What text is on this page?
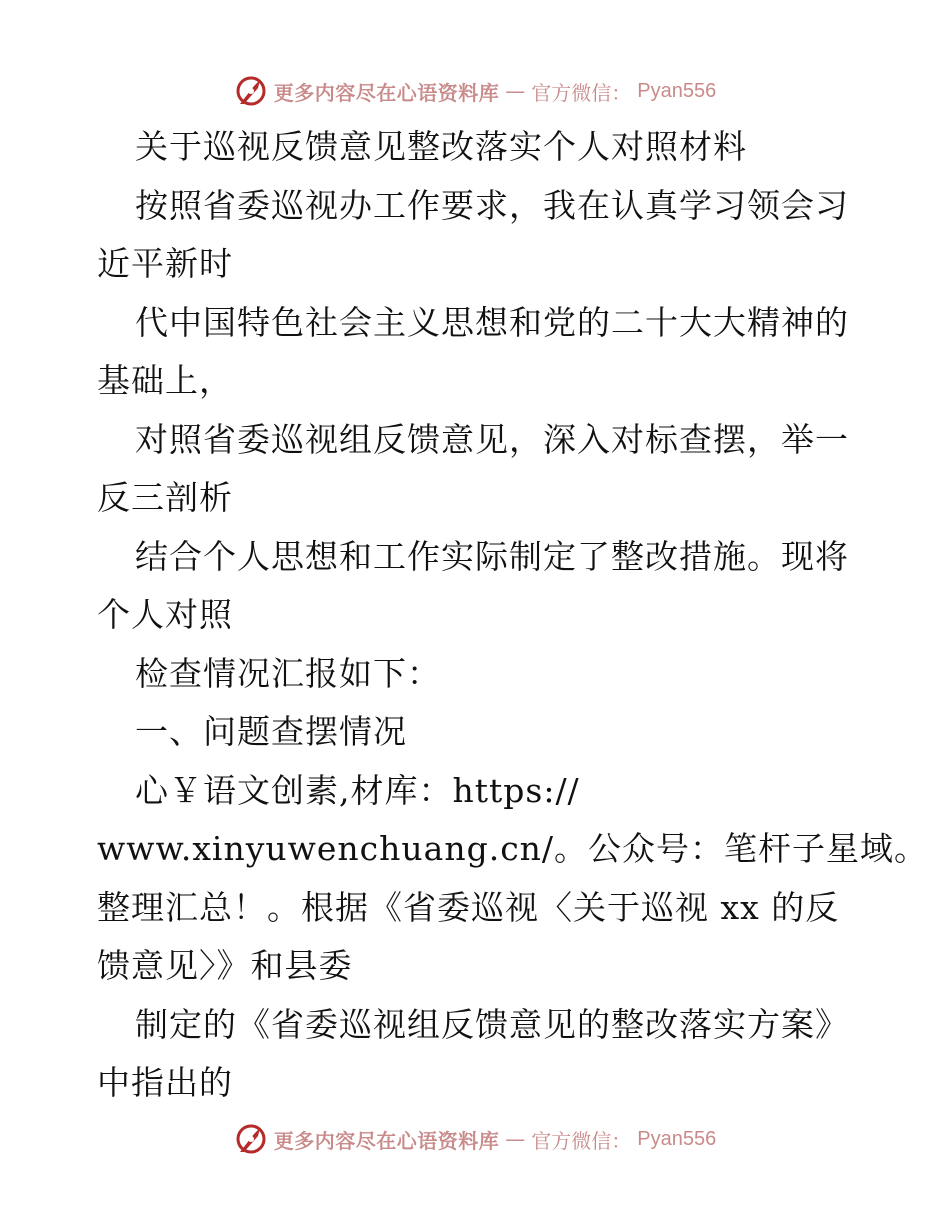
更多内容尽在心语资料库 — 官方微信： Pyan556
关于巡视反馈意见整改落实个人对照材料
按照省委巡视办工作要求，我在认真学习领会习
近平新时
代中国特色社会主义思想和党的二十大大精神的
基础上，
对照省委巡视组反馈意见，深入对标查摆，举一
反三剖析
结合个人思想和工作实际制定了整改措施。现将
个人对照
检查情况汇报如下：
一、问题查摆情况
心￥语文创素,材库：https://
www.xinyuwenchuang.cn/。公众号：笔杆子星域。
整理汇总！。根据《省委巡视〈关于巡视 xx 的反
馈意见〉》和县委
制定的《省委巡视组反馈意见的整改落实方案》
中指出的
更多内容尽在心语资料库 — 官方微信： Pyan556
